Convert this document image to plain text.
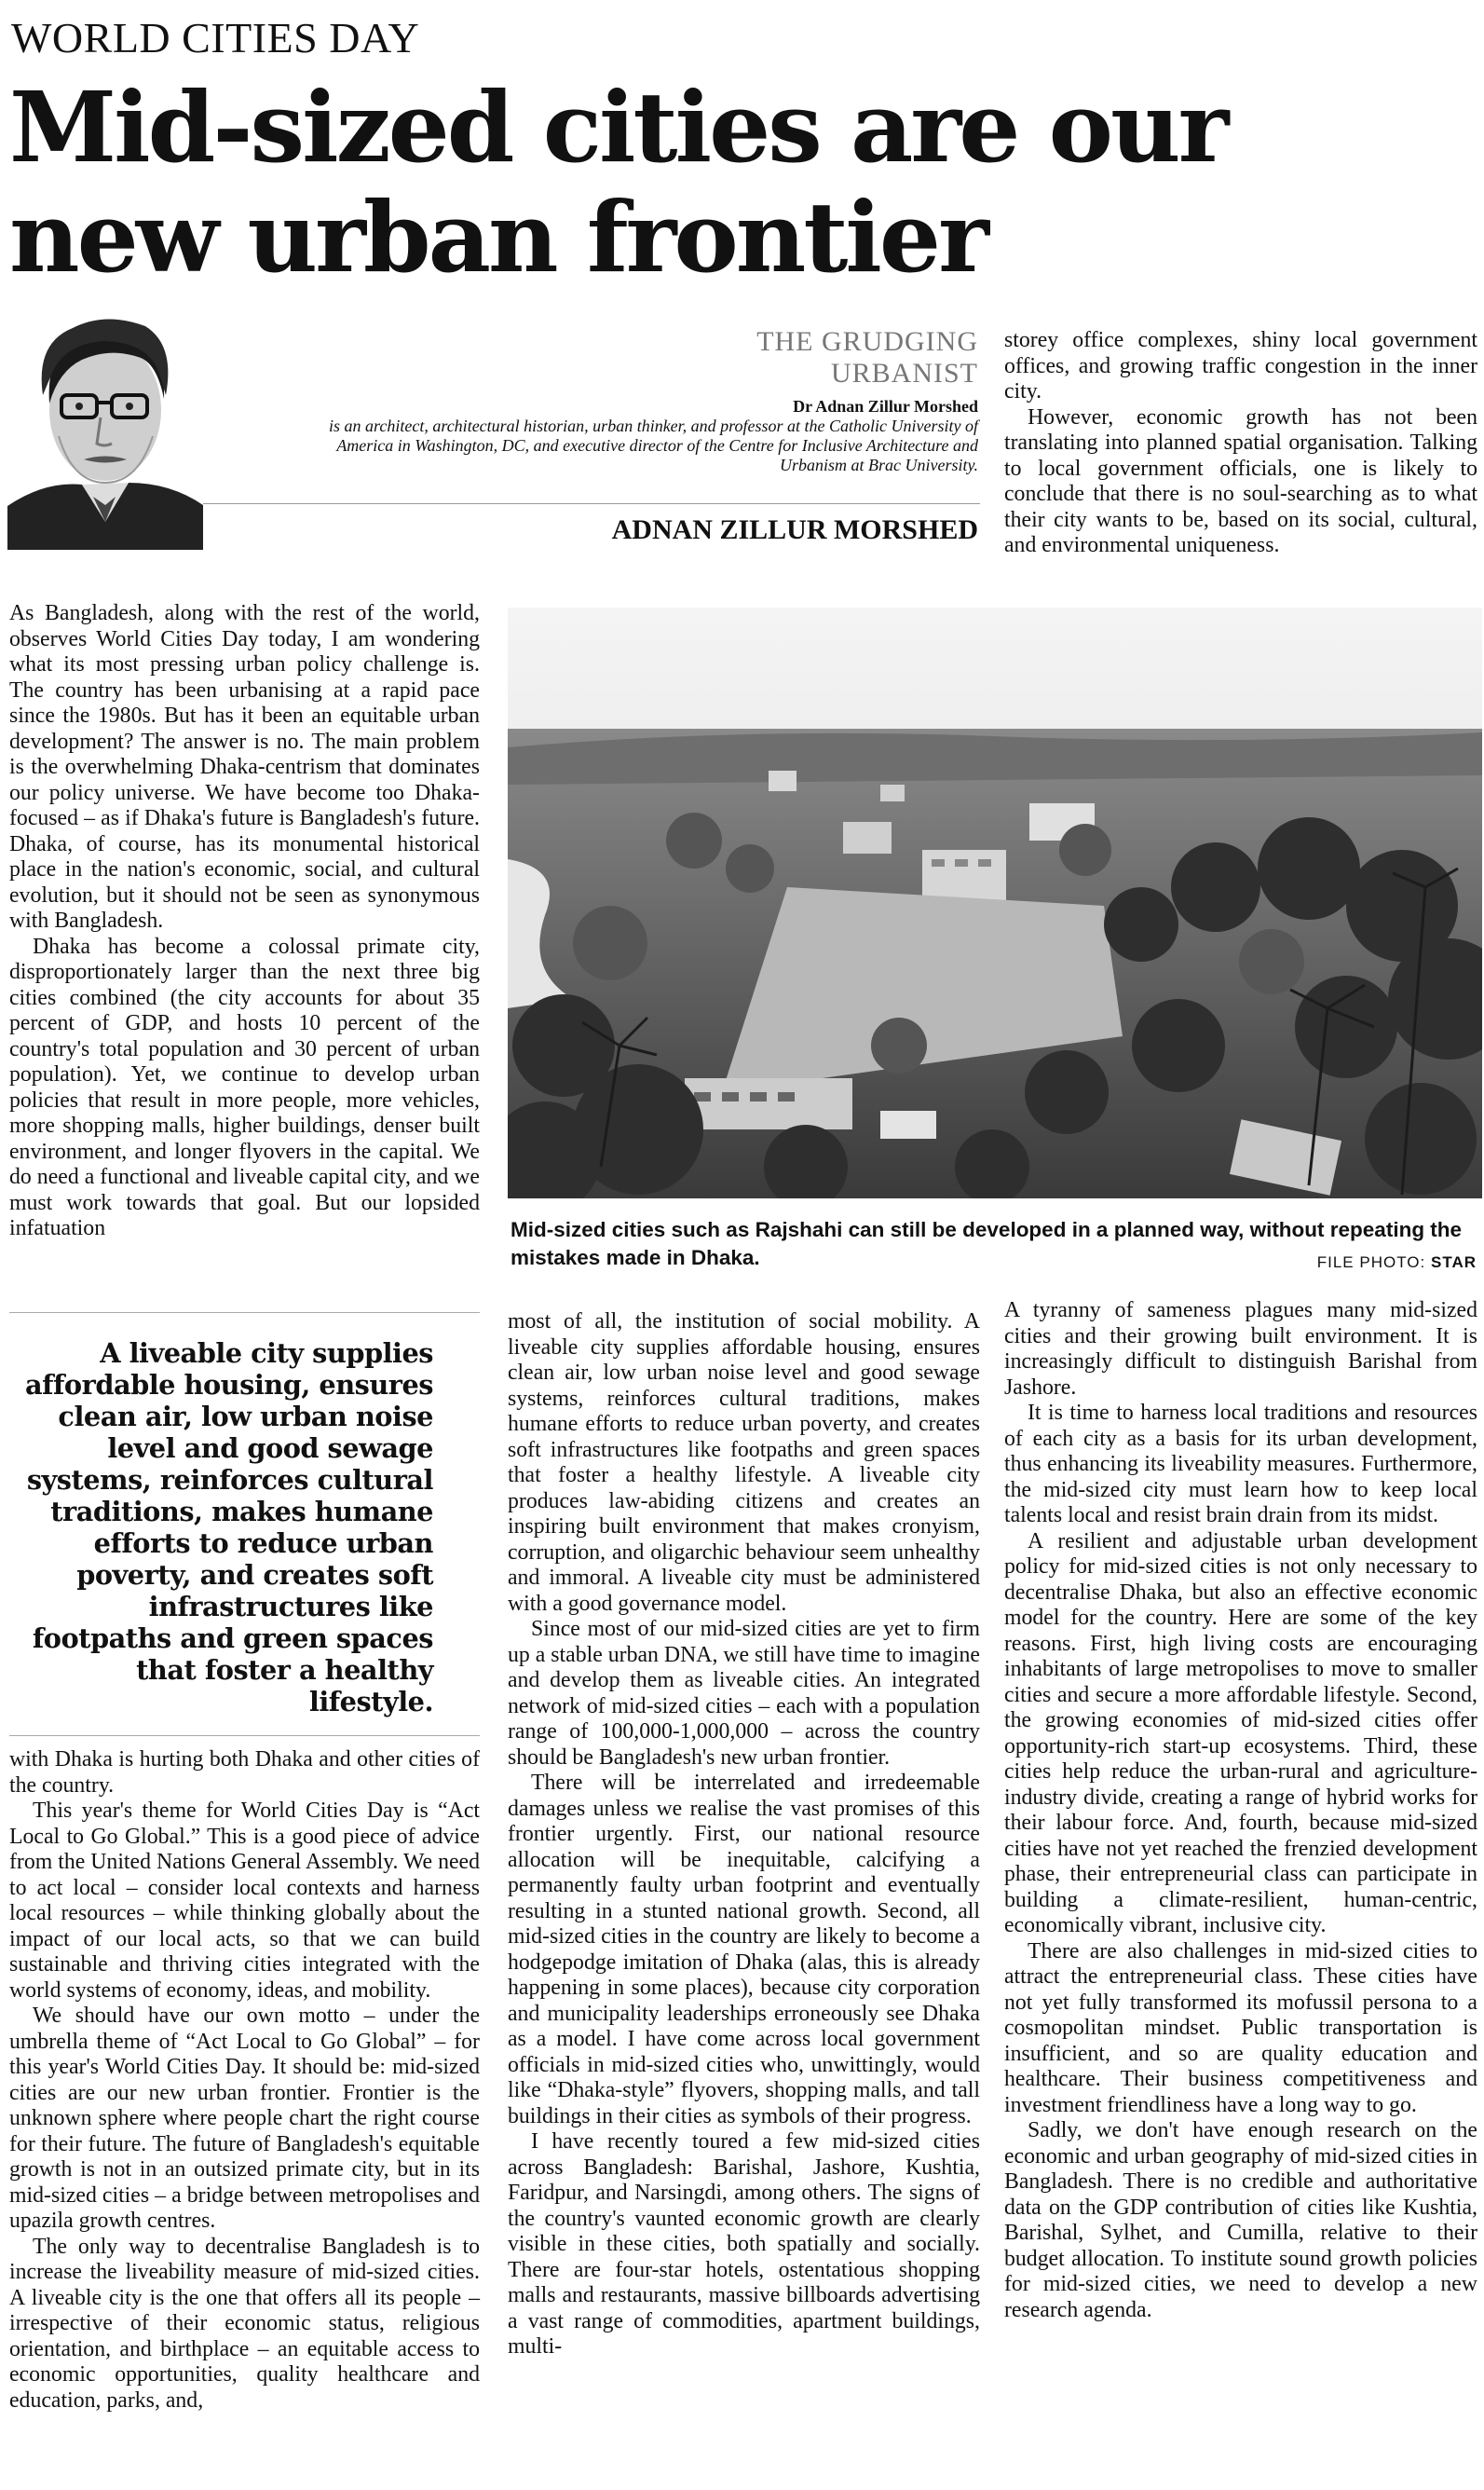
WORLD CITIES DAY
Mid-sized cities are our
new urban frontier
THE GRUDGING
URBANIST
Dr Adnan Zillur Morshed
is an architect, architectural historian, urban thinker, and professor at the Catholic University of America in Washington, DC, and executive director of the Centre for Inclusive Architecture and Urbanism at Brac University.
ADNAN ZILLUR MORSHED

storey office complexes, shiny local government offices, and growing traffic congestion in the inner city.

However, economic growth has not been translating into planned spatial organisation. Talking to local government officials, one is likely to conclude that there is no soul-searching as to what their city wants to be, based on its social, cultural, and environmental uniqueness.

As Bangladesh, along with the rest of the world, observes World Cities Day today, I am wondering what its most pressing urban policy challenge is. The country has been urbanising at a rapid pace since the 1980s. But has it been an equitable urban development? The answer is no. The main problem is the overwhelming Dhaka-centrism that dominates our policy universe. We have become too Dhaka-focused – as if Dhaka's future is Bangladesh's future. Dhaka, of course, has its monumental historical place in the nation's economic, social, and cultural evolution, but it should not be seen as synonymous with Bangladesh.

Dhaka has become a colossal primate city, disproportionately larger than the next three big cities combined (the city accounts for about 35 percent of GDP, and hosts 10 percent of the country's total population and 30 percent of urban population). Yet, we continue to develop urban policies that result in more people, more vehicles, more shopping malls, higher buildings, denser built environment, and longer flyovers in the capital. We do need a functional and liveable capital city, and we must work towards that goal. But our lopsided infatuation	Mid-sized cities such as Rajshahi can still be developed in a planned way, without repeating the mistakes made in Dhaka.	FILE PHOTO: STAR
A liveable city supplies affordable housing, ensures clean air, low urban noise level and good sewage systems, reinforces cultural traditions, makes humane efforts to reduce urban poverty, and creates soft infrastructures like footpaths and green spaces that foster a healthy lifestyle.

with Dhaka is hurting both Dhaka and other cities of the country.

This year's theme for World Cities Day is “Act Local to Go Global.” This is a good piece of advice from the United Nations General Assembly. We need to act local – consider local contexts and harness local resources – while thinking globally about the impact of our local acts, so that we can build sustainable and thriving cities integrated with the world systems of economy, ideas, and mobility.

We should have our own motto – under the umbrella theme of “Act Local to Go Global” – for this year's World Cities Day. It should be: mid-sized cities are our new urban frontier. Frontier is the unknown sphere where people chart the right course for their future. The future of Bangladesh's equitable growth is not in an outsized primate city, but in its mid-sized cities – a bridge between metropolises and upazila growth centres.

The only way to decentralise Bangladesh is to increase the liveability measure of mid-sized cities. A liveable city is the one that offers all its people – irrespective of their economic status, religious orientation, and birthplace – an equitable access to economic opportunities, quality healthcare and education, parks, and,

most of all, the institution of social mobility. A liveable city supplies affordable housing, ensures clean air, low urban noise level and good sewage systems, reinforces cultural traditions, makes humane efforts to reduce urban poverty, and creates soft infrastructures like footpaths and green spaces that foster a healthy lifestyle. A liveable city produces law-abiding citizens and creates an inspiring built environment that makes cronyism, corruption, and oligarchic behaviour seem unhealthy and immoral. A liveable city must be administered with a good governance model.

Since most of our mid-sized cities are yet to firm up a stable urban DNA, we still have time to imagine and develop them as liveable cities. An integrated network of mid-sized cities – each with a population range of 100,000-1,000,000 – across the country should be Bangladesh's new urban frontier.

There will be interrelated and irredeemable damages unless we realise the vast promises of this frontier urgently. First, our national resource allocation will be inequitable, calcifying a permanently faulty urban footprint and eventually resulting in a stunted national growth. Second, all mid-sized cities in the country are likely to become a hodgepodge imitation of Dhaka (alas, this is already happening in some places), because city corporation and municipality leaderships erroneously see Dhaka as a model. I have come across local government officials in mid-sized cities who, unwittingly, would like “Dhaka-style” flyovers, shopping malls, and tall buildings in their cities as symbols of their progress.

I have recently toured a few mid-sized cities across Bangladesh: Barishal, Jashore, Kushtia, Faridpur, and Narsingdi, among others. The signs of the country's vaunted economic growth are clearly visible in these cities, both spatially and socially. There are four-star hotels, ostentatious shopping malls and restaurants, massive billboards advertising a vast range of commodities, apartment buildings, multi-

A tyranny of sameness plagues many mid-sized cities and their growing built environment. It is increasingly difficult to distinguish Barishal from Jashore.

It is time to harness local traditions and resources of each city as a basis for its urban development, thus enhancing its liveability measures. Furthermore, the mid-sized city must learn how to keep local talents local and resist brain drain from its midst.

A resilient and adjustable urban development policy for mid-sized cities is not only necessary to decentralise Dhaka, but also an effective economic model for the country. Here are some of the key reasons. First, high living costs are encouraging inhabitants of large metropolises to move to smaller cities and secure a more affordable lifestyle. Second, the growing economies of mid-sized cities offer opportunity-rich start-up ecosystems. Third, these cities help reduce the urban-rural and agriculture-industry divide, creating a range of hybrid works for their labour force. And, fourth, because mid-sized cities have not yet reached the frenzied development phase, their entrepreneurial class can participate in building a climate-resilient, human-centric, economically vibrant, inclusive city.

There are also challenges in mid-sized cities to attract the entrepreneurial class. These cities have not yet fully transformed its mofussil persona to a cosmopolitan mindset. Public transportation is insufficient, and so are quality education and healthcare. Their business competitiveness and investment friendliness have a long way to go.

Sadly, we don't have enough research on the economic and urban geography of mid-sized cities in Bangladesh. There is no credible and authoritative data on the GDP contribution of cities like Kushtia, Barishal, Sylhet, and Cumilla, relative to their budget allocation. To institute sound growth policies for mid-sized cities, we need to develop a new research agenda.
